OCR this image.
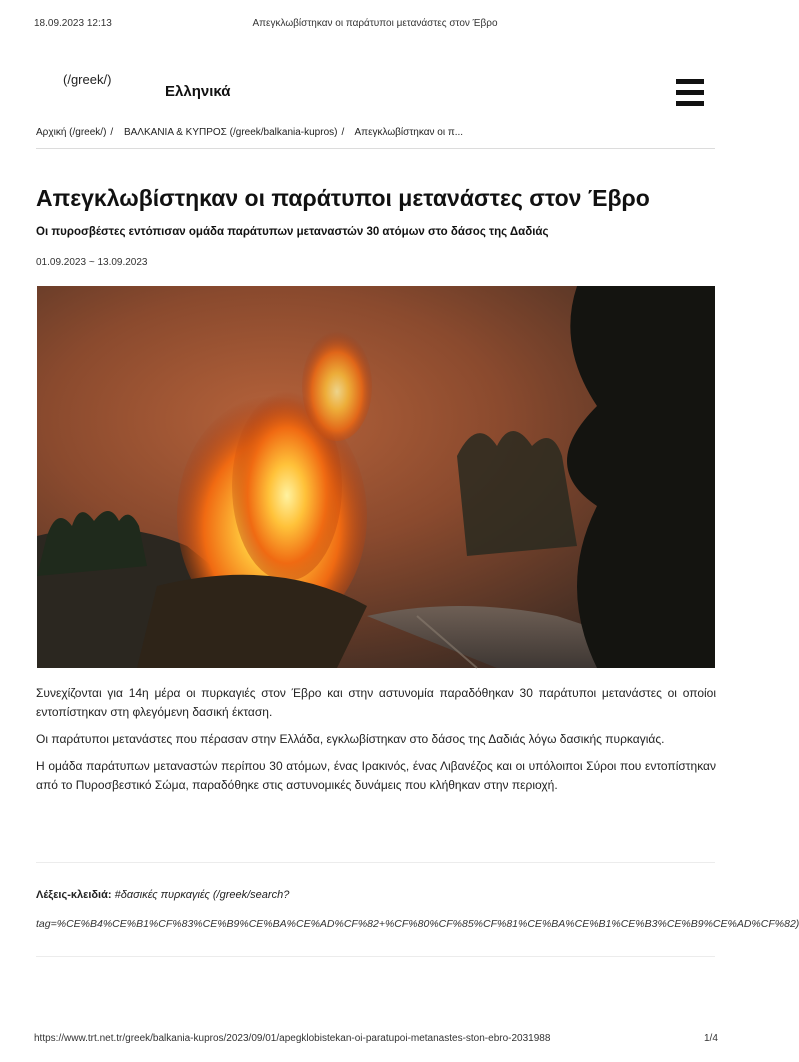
18.09.2023 12:13	Απεγκλωβίστηκαν οι παράτυποι μετανάστες στον Έβρο
(/greek/)
Ελληνικά
Αρχική (/greek/) / ΒΑΛΚΑΝΙΑ & ΚΥΠΡΟΣ (/greek/balkania-kupros) / Απεγκλωβίστηκαν οι π...
Απεγκλωβίστηκαν οι παράτυποι μετανάστες στον Έβρο
Οι πυροσβέστες εντόπισαν ομάδα παράτυπων μεταναστών 30 ατόμων στο δάσος της Δαδιάς
01.09.2023 ~ 13.09.2023

Συνεχίζονται για 14η μέρα οι πυρκαγιές στον Έβρο και στην αστυνομία παραδόθηκαν 30 παράτυποι μετανάστες οι οποίοι εντοπίστηκαν στη φλεγόμενη δασική έκταση.

Οι παράτυποι μετανάστες που πέρασαν στην Ελλάδα, εγκλωβίστηκαν στο δάσος της Δαδιάς λόγω δασικής πυρκαγιάς.

Η ομάδα παράτυπων μεταναστών περίπου 30 ατόμων, ένας Ιρακινός, ένας Λιβανέζος και οι υπόλοιποι Σύροι που εντοπίστηκαν από το Πυροσβεστικό Σώμα, παραδόθηκε στις αστυνομικές δυνάμεις που κλήθηκαν στην περιοχή.

Λέξεις-κλειδιά: #δασικές πυρκαγιές (/greek/search?
tag=%CE%B4%CE%B1%CF%83%CE%B9%CE%BA%CE%AD%CF%82+%CF%80%CF%85%CF%81%CE%BA%CE%B1%CE%B3%CE%B9%CE%AD%CF%82)
https://www.trt.net.tr/greek/balkania-kupros/2023/09/01/apegklobistekan-oi-paratupoi-metanastes-ston-ebro-2031988	1/4
